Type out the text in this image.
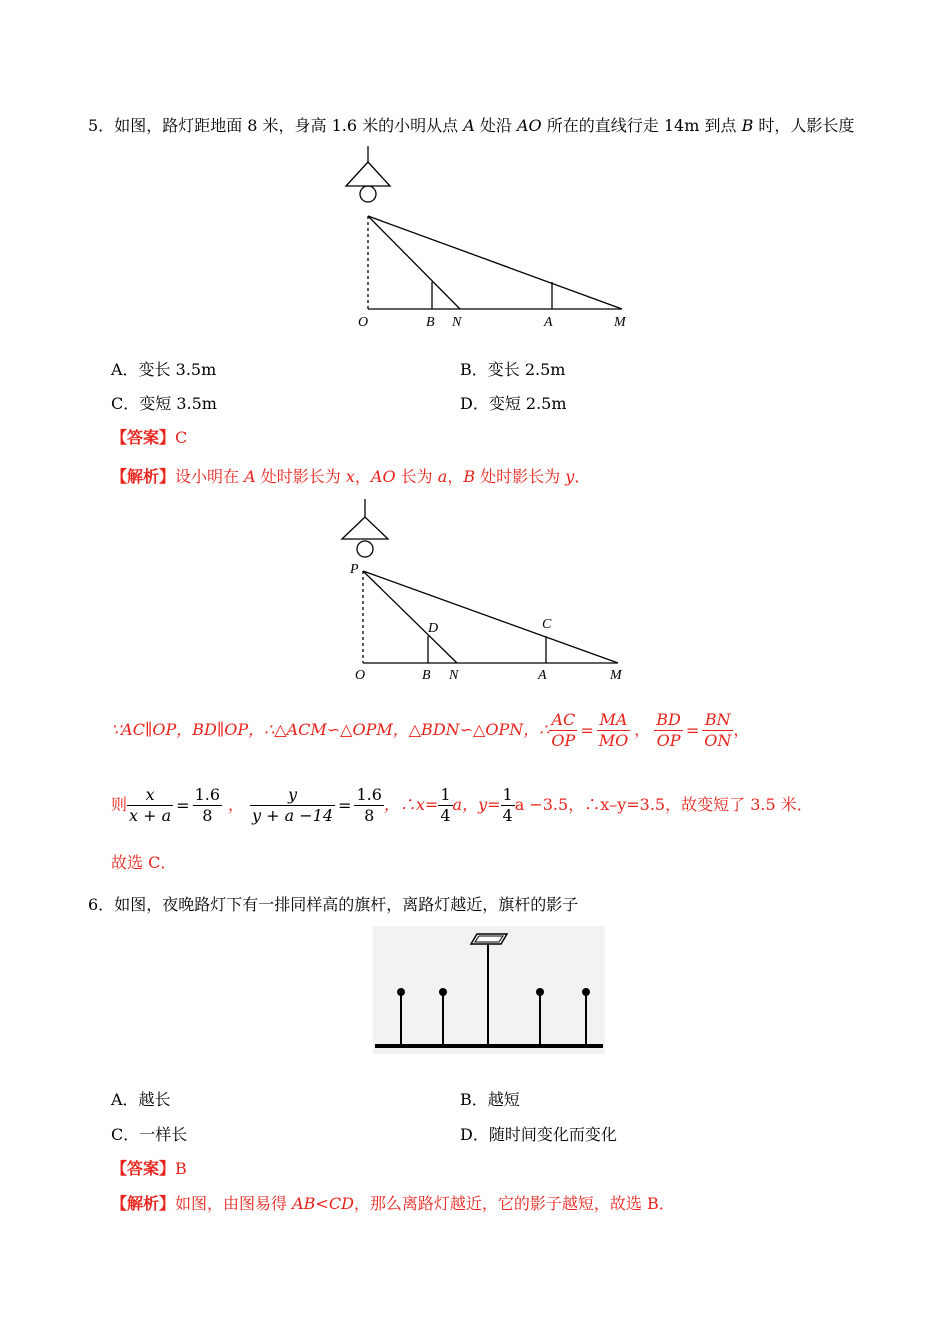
5．如图，路灯距地面 8 米，身高 1.6 米的小明从点 A 处沿 AO 所在的直线行走 14m 到点 B 时，人影长度
O	B N	A	M
A．变长 3.5m	B．变长 2.5m
C．变短 3.5m	D．变短 2.5m
【答案】C
【解析】设小明在 A 处时影长为 x，AO 长为 a，B 处时影长为 y．
P
D	C
O	B N	A	M
∵AC∥OP，BD∥OP，∴△ACM∽△OPM，△BDN∽△OPN，∴ $\frac{AC}{OP} = \frac{MA}{MO}$ ， $\frac{BD}{OP} = \frac{BN}{ON}$ ，
则 $\frac{x}{x + a} = \frac{1.6}{8}$ ， $\frac{y}{y + a -14} = \frac{1.6}{8}$ ，∴x= $\frac{1}{4}$ a，$y= \frac{1}{4}$ a −3.5，∴x–y=3.5，故变短了 3.5 米．
故选 C．
6．如图，夜晚路灯下有一排同样高的旗杆，离路灯越近，旗杆的影子
A．越长	B．越短
C．一样长	D．随时间变化而变化
【答案】B
【解析】如图，由图易得 AB<CD，那么离路灯越近，它的影子越短，故选 B．
